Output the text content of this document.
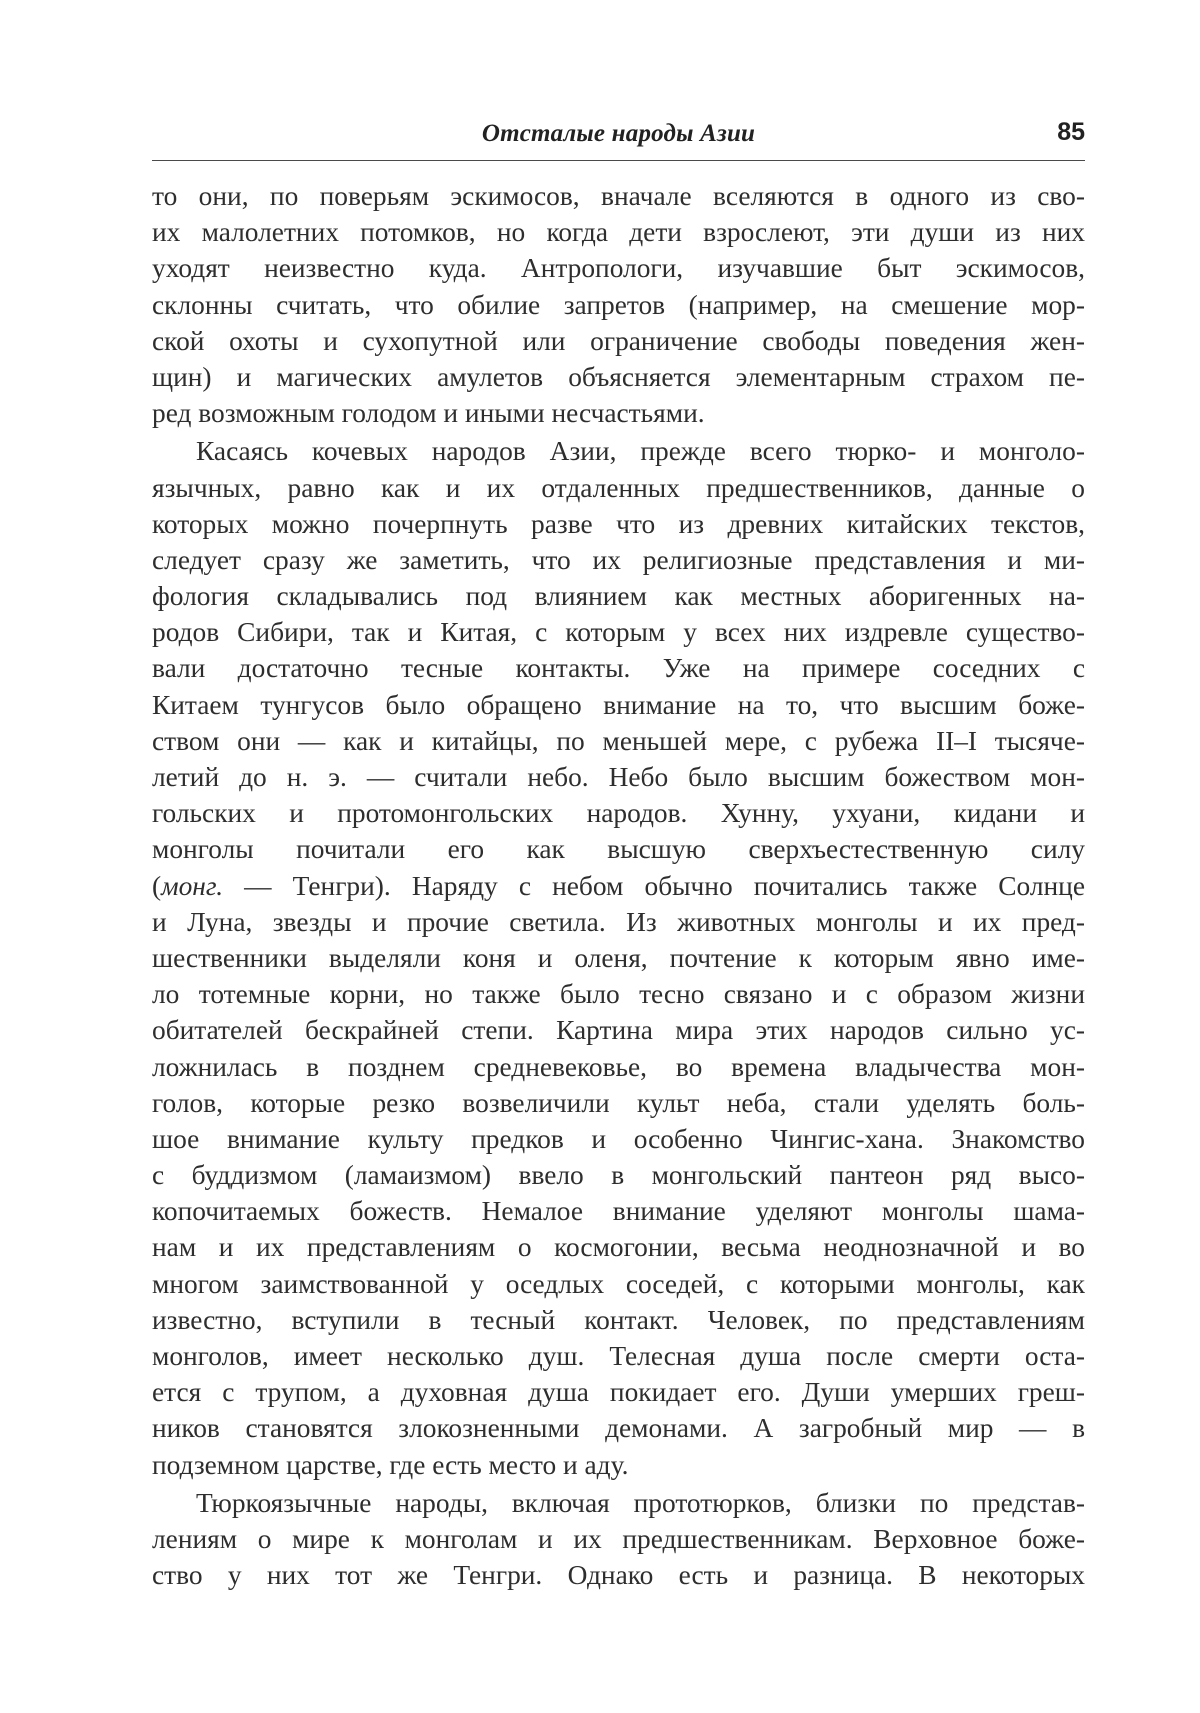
Отсталые народы Азии	85
то они, по поверьям эскимосов, вначале вселяются в одного из сво-
их малолетних потомков, но когда дети взрослеют, эти души из них
уходят неизвестно куда. Антропологи, изучавшие быт эскимосов,
склонны считать, что обилие запретов (например, на смешение мор-
ской охоты и сухопутной или ограничение свободы поведения жен-
щин) и магических амулетов объясняется элементарным страхом пе-
ред возможным голодом и иными несчастьями.
Касаясь кочевых народов Азии, прежде всего тюрко- и монголо-
язычных, равно как и их отдаленных предшественников, данные о
которых можно почерпнуть разве что из древних китайских текстов,
следует сразу же заметить, что их религиозные представления и ми-
фология складывались под влиянием как местных аборигенных на-
родов Сибири, так и Китая, с которым у всех них издревле существо-
вали достаточно тесные контакты. Уже на примере соседних с
Китаем тунгусов было обращено внимание на то, что высшим боже-
ством они — как и китайцы, по меньшей мере, с рубежа II–I тысяче-
летий до н. э. — считали небо. Небо было высшим божеством мон-
гольских и протомонгольских народов. Хунну, ухуани, кидани и
монголы почитали его как высшую сверхъестественную силу
(монг. — Тенгри). Наряду с небом обычно почитались также Солнце
и Луна, звезды и прочие светила. Из животных монголы и их пред-
шественники выделяли коня и оленя, почтение к которым явно име-
ло тотемные корни, но также было тесно связано и с образом жизни
обитателей бескрайней степи. Картина мира этих народов сильно ус-
ложнилась в позднем средневековье, во времена владычества мон-
голов, которые резко возвеличили культ неба, стали уделять боль-
шое внимание культу предков и особенно Чингис-хана. Знакомство
с буддизмом (ламаизмом) ввело в монгольский пантеон ряд высо-
копочитаемых божеств. Немалое внимание уделяют монголы шама-
нам и их представлениям о космогонии, весьма неоднозначной и во
многом заимствованной у оседлых соседей, с которыми монголы, как
известно, вступили в тесный контакт. Человек, по представлениям
монголов, имеет несколько душ. Телесная душа после смерти оста-
ется с трупом, а духовная душа покидает его. Души умерших греш-
ников становятся злокозненными демонами. А загробный мир — в
подземном царстве, где есть место и аду.
Тюркоязычные народы, включая прототюрков, близки по представ-
лениям о мире к монголам и их предшественникам. Верховное боже-
ство у них тот же Тенгри. Однако есть и разница. В некоторых
